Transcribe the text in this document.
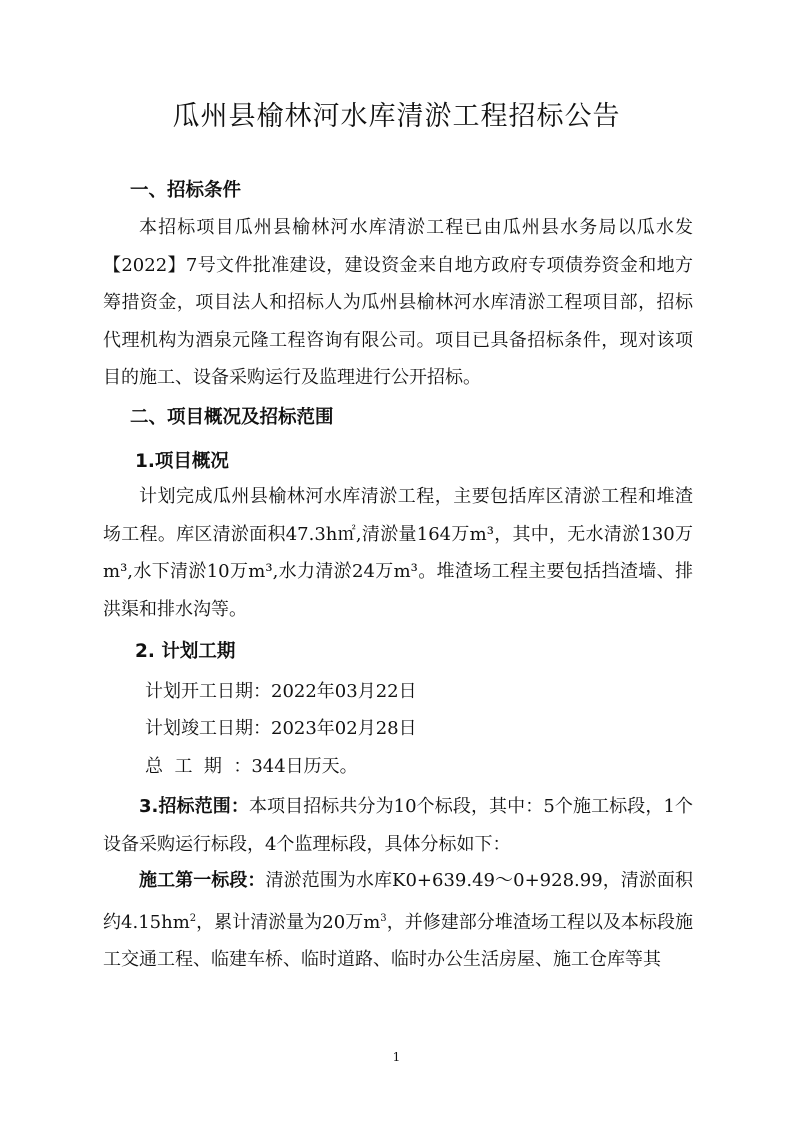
瓜州县榆林河水库清淤工程招标公告
一、招标条件

本招标项目瓜州县榆林河水库清淤工程已由瓜州县水务局以瓜水发【2022】7号文件批准建设，建设资金来自地方政府专项债券资金和地方筹措资金，项目法人和招标人为瓜州县榆林河水库清淤工程项目部，招标代理机构为酒泉元隆工程咨询有限公司。项目已具备招标条件，现对该项目的施工、设备采购运行及监理进行公开招标。

二、项目概况及招标范围
1.项目概况

计划完成瓜州县榆林河水库清淤工程，主要包括库区清淤工程和堆渣场工程。库区清淤面积47.3h㎡,清淤量164万m³，其中，无水清淤130万m³,水下清淤10万m³,水力清淤24万m³。堆渣场工程主要包括挡渣墙、排洪渠和排水沟等。

2. 计划工期

计划开工日期：2022年03月22日

计划竣工日期：2023年02月28日

总  工  期  ：344日历天。

3.招标范围：本项目招标共分为10个标段，其中：5个施工标段，1个设备采购运行标段，4个监理标段，具体分标如下：

施工第一标段：清淤范围为水库K0+639.49～0+928.99，清淤面积约$4.15hm^2$，累计清淤量为20万$m^3$，并修建部分堆渣场工程以及本标段施工交通工程、临建车桥、临时道路、临时办公生活房屋、施工仓库等其

1
